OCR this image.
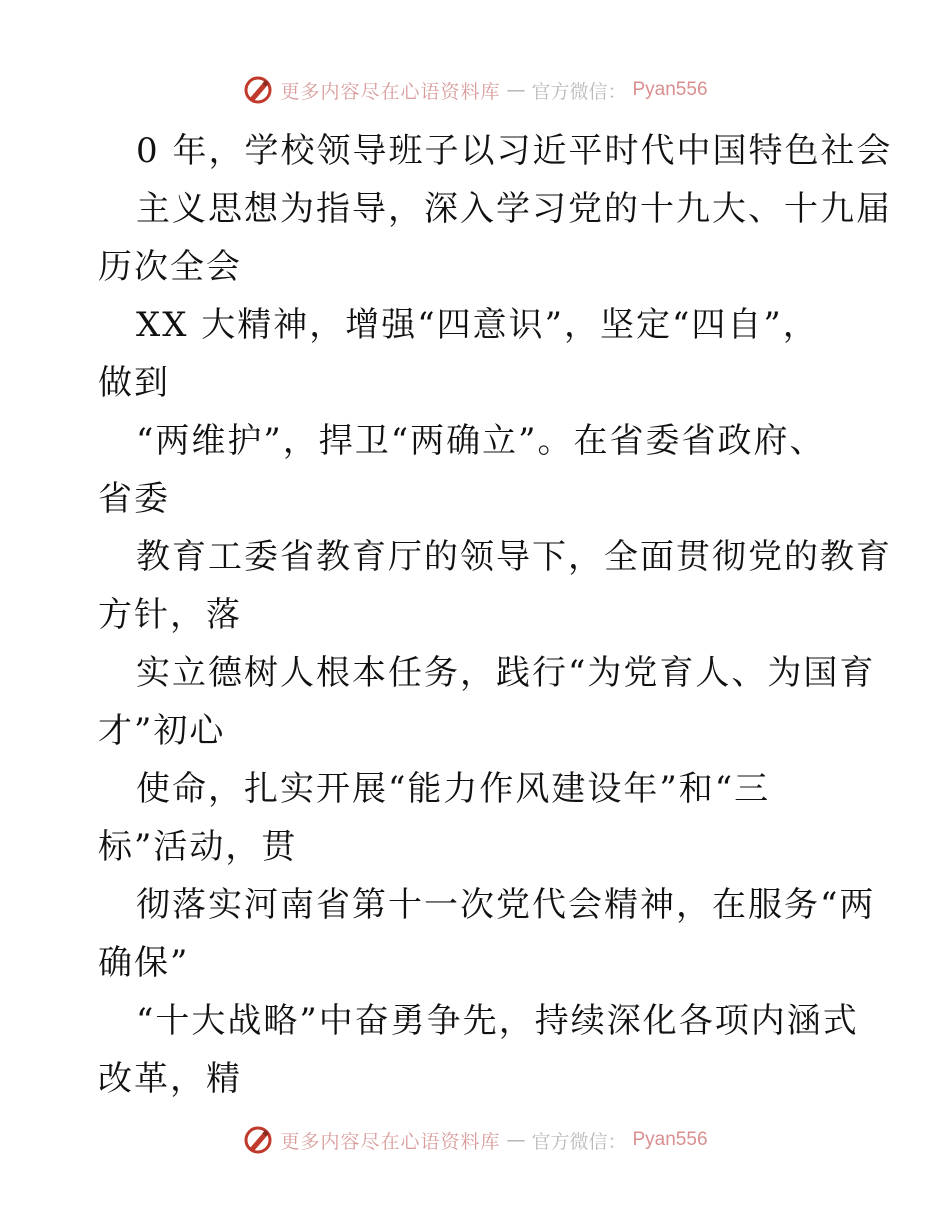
更多内容尽在心语资料库 — 官方微信： Pyan556
0 年，学校领导班子以习近平时代中国特色社会
主义思想为指导，深入学习党的十九大、十九届
历次全会
XX 大精神，增强“四意识”，坚定“四自”，
做到
“两维护”，捍卫“两确立”。在省委省政府、
省委
教育工委省教育厅的领导下，全面贯彻党的教育
方针，落
实立德树人根本任务，践行“为党育人、为国育
才”初心
使命，扎实开展“能力作风建设年”和“三
标”活动，贯
彻落实河南省第十一次党代会精神，在服务“两
确保”
“十大战略”中奋勇争先，持续深化各项内涵式
改革，精
更多内容尽在心语资料库 — 官方微信： Pyan556
